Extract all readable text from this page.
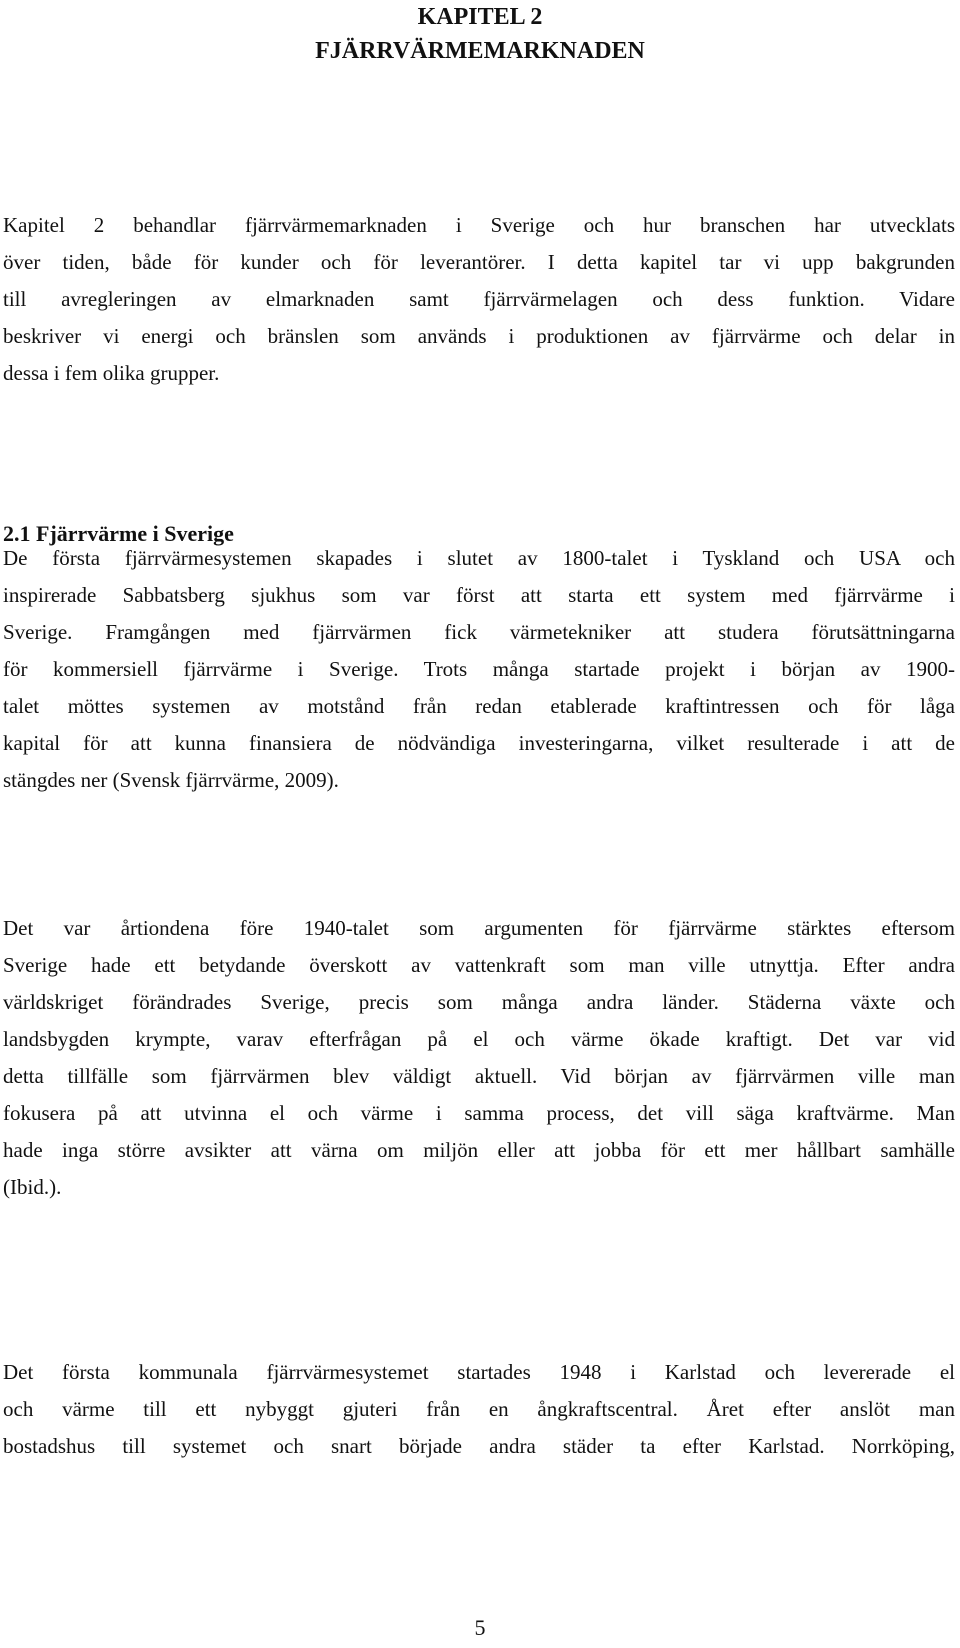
KAPITEL 2
FJÄRRVÄRMEMARKNADEN
Kapitel 2 behandlar fjärrvärmemarknaden i Sverige och hur branschen har utvecklats
över tiden, både för kunder och för leverantörer. I detta kapitel tar vi upp bakgrunden
till avregleringen av elmarknaden samt fjärrvärmelagen och dess funktion. Vidare
beskriver vi energi och bränslen som används i produktionen av fjärrvärme och delar in
dessa i fem olika grupper.
2.1 Fjärrvärme i Sverige
De första fjärrvärmesystemen skapades i slutet av 1800-talet i Tyskland och USA och
inspirerade Sabbatsberg sjukhus som var först att starta ett system med fjärrvärme i
Sverige. Framgången med fjärrvärmen fick värmetekniker att studera förutsättningarna
för kommersiell fjärrvärme i Sverige. Trots många startade projekt i början av 1900-
talet möttes systemen av motstånd från redan etablerade kraftintressen och för låga
kapital för att kunna finansiera de nödvändiga investeringarna, vilket resulterade i att de
stängdes ner (Svensk fjärrvärme, 2009).
Det var årtiondena före 1940-talet som argumenten för fjärrvärme stärktes eftersom
Sverige hade ett betydande överskott av vattenkraft som man ville utnyttja. Efter andra
världskriget förändrades Sverige, precis som många andra länder. Städerna växte och
landsbygden krympte, varav efterfrågan på el och värme ökade kraftigt. Det var vid
detta tillfälle som fjärrvärmen blev väldigt aktuell. Vid början av fjärrvärmen ville man
fokusera på att utvinna el och värme i samma process, det vill säga kraftvärme. Man
hade inga större avsikter att värna om miljön eller att jobba för ett mer hållbart samhälle
(Ibid.).
Det första kommunala fjärrvärmesystemet startades 1948 i Karlstad och levererade el
och värme till ett nybyggt gjuteri från en ångkraftscentral. Året efter anslöt man
bostadshus till systemet och snart började andra städer ta efter Karlstad. Norrköping,
5
